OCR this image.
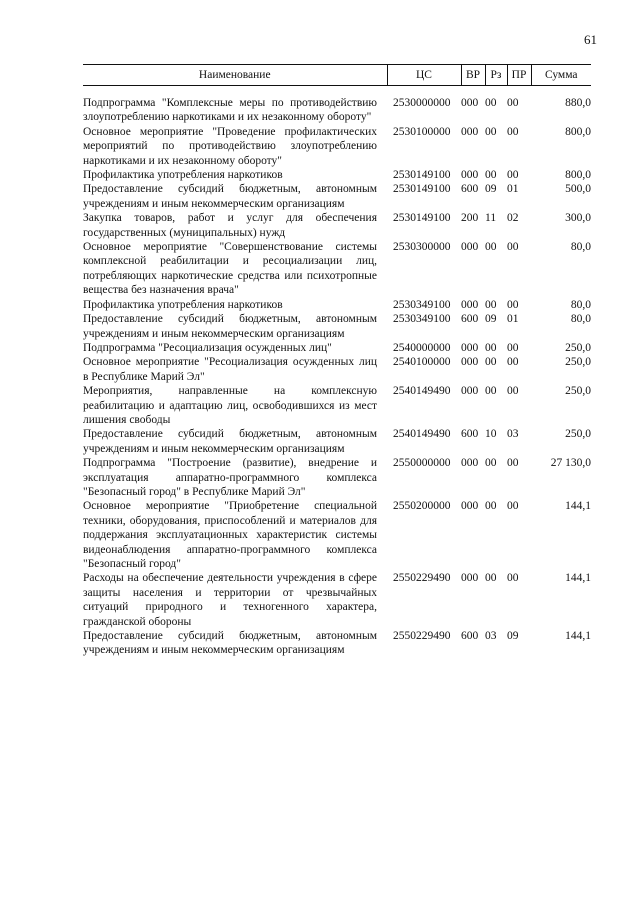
61
Наименование	ЦС	ВР	Рз	ПР	Сумма
Подпрограмма "Комплексные меры по противодействию злоупотреблению наркотиками и их незаконному обороту"	2530000000	000	00	00	880,0
Основное мероприятие "Проведение профилактических мероприятий по противодействию злоупотреблению наркотиками и их незаконному обороту"	2530100000	000	00	00	800,0
Профилактика употребления наркотиков	2530149100	000	00	00	800,0
Предоставление субсидий бюджетным, автономным учреждениям и иным некоммерческим организациям	2530149100	600	09	01	500,0
Закупка товаров, работ и услуг для обеспечения государственных (муниципальных) нужд	2530149100	200	11	02	300,0
Основное мероприятие "Совершенствование системы комплексной реабилитации и ресоциализации лиц, потребляющих наркотические средства или психотропные вещества без назначения врача"	2530300000	000	00	00	80,0
Профилактика употребления наркотиков	2530349100	000	00	00	80,0
Предоставление субсидий бюджетным, автономным учреждениям и иным некоммерческим организациям	2530349100	600	09	01	80,0
Подпрограмма "Ресоциализация осужденных лиц"	2540000000	000	00	00	250,0
Основное мероприятие "Ресоциализация осужденных лиц в Республике Марий Эл"	2540100000	000	00	00	250,0
Мероприятия, направленные на комплексную реабилитацию и адаптацию лиц, освободившихся из мест лишения свободы	2540149490	000	00	00	250,0
Предоставление субсидий бюджетным, автономным учреждениям и иным некоммерческим организациям	2540149490	600	10	03	250,0
Подпрограмма "Построение (развитие), внедрение и эксплуатация аппаратно-программного комплекса "Безопасный город" в Республике Марий Эл"	2550000000	000	00	00	27 130,0
Основное мероприятие "Приобретение специальной техники, оборудования, приспособлений и материалов для поддержания эксплуатационных характеристик системы видеонаблюдения аппаратно-программного комплекса "Безопасный город"	2550200000	000	00	00	144,1
Расходы на обеспечение деятельности учреждения в сфере защиты населения и территории от чрезвычайных ситуаций природного и техногенного характера, гражданской обороны	2550229490	000	00	00	144,1
Предоставление субсидий бюджетным, автономным учреждениям и иным некоммерческим организациям	2550229490	600	03	09	144,1
